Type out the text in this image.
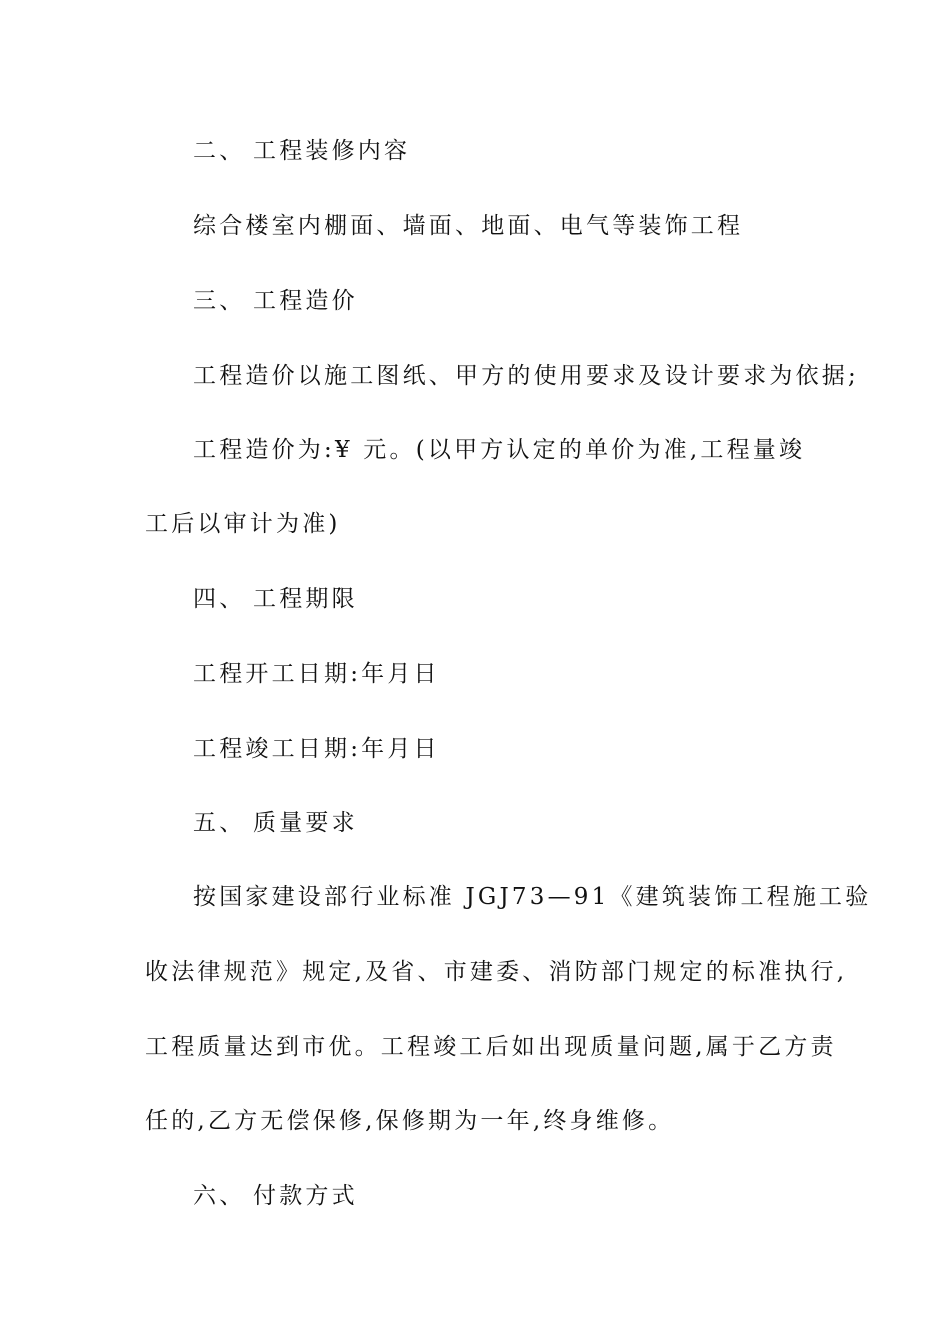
二、 工程装修内容
综合楼室内棚面、墙面、地面、电气等装饰工程
三、 工程造价
工程造价以施工图纸、甲方的使用要求及设计要求为依据;
工程造价为:¥ 元。(以甲方认定的单价为准,工程量竣
工后以审计为准)
四、 工程期限
工程开工日期:年月日
工程竣工日期:年月日
五、 质量要求
按国家建设部行业标准 JGJ73—91《建筑装饰工程施工验
收法律规范》规定,及省、市建委、消防部门规定的标准执行,
工程质量达到市优。工程竣工后如出现质量问题,属于乙方责
任的,乙方无偿保修,保修期为一年,终身维修。
六、 付款方式
